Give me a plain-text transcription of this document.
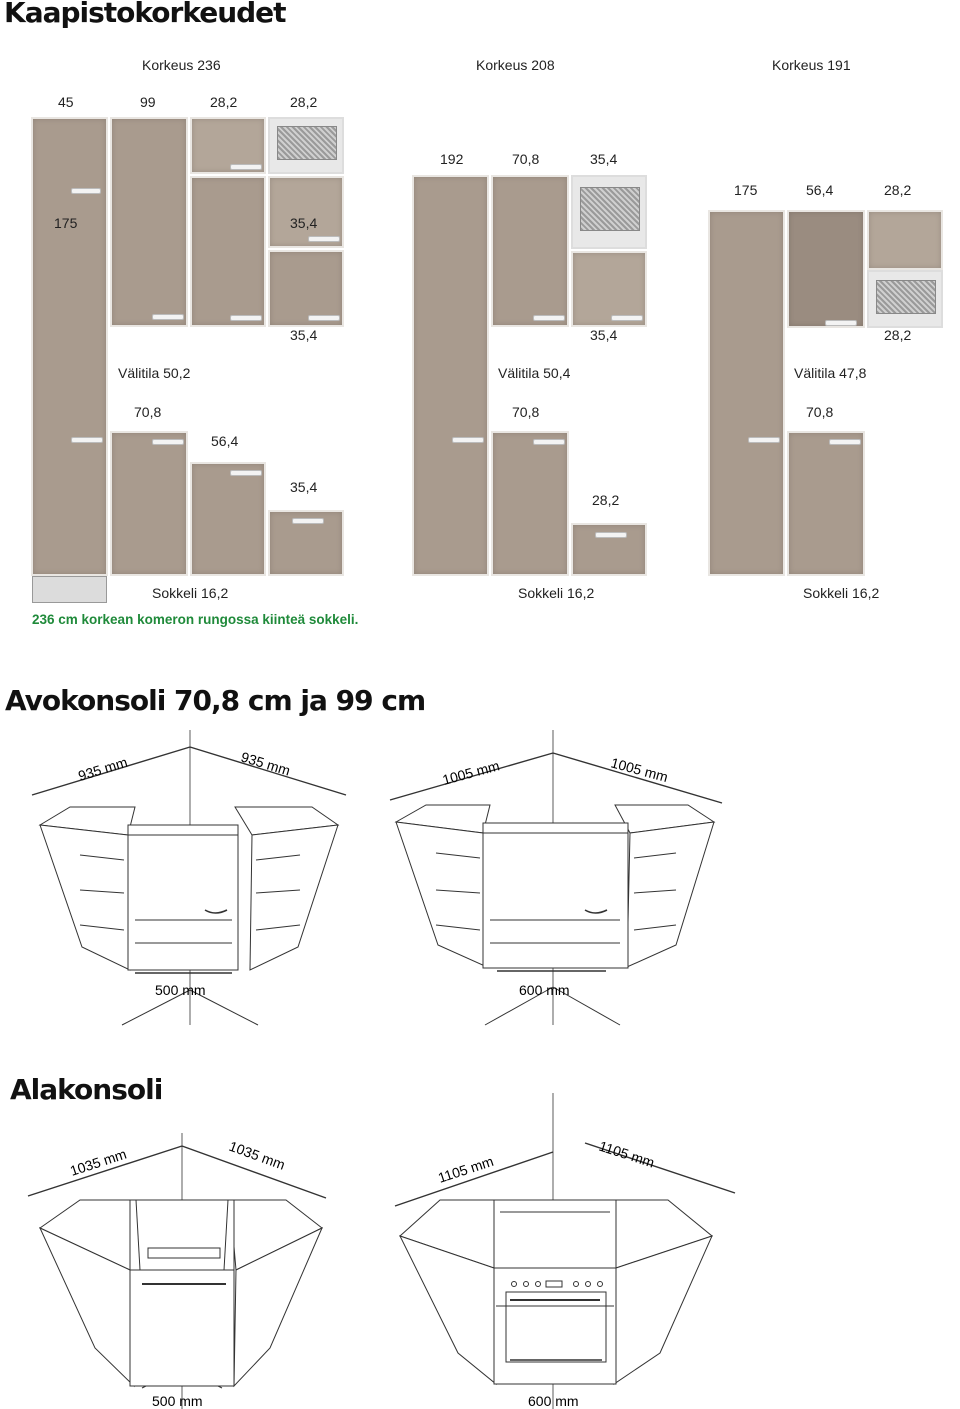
Kaapistokorkeudet
Korkeus 236	Korkeus 208	Korkeus 191
45	99	28,2	28,2
175	35,4
35,4
Välitila 50,2
70,8
56,4
35,4
Sokkeli 16,2
192	70,8	35,4
35,4
Välitila 50,4
70,8
28,2
Sokkeli 16,2
175	56,4	28,2
28,2
Välitila 47,8
70,8
Sokkeli 16,2
236 cm korkean komeron rungossa kiinteä sokkeli.
Avokonsoli 70,8 cm ja 99 cm
935 mm	935 mm
500 mm
1005 mm	1005 mm
600 mm
Alakonsoli
1035 mm	1035 mm
500 mm
1105 mm	1105 mm
600 mm
